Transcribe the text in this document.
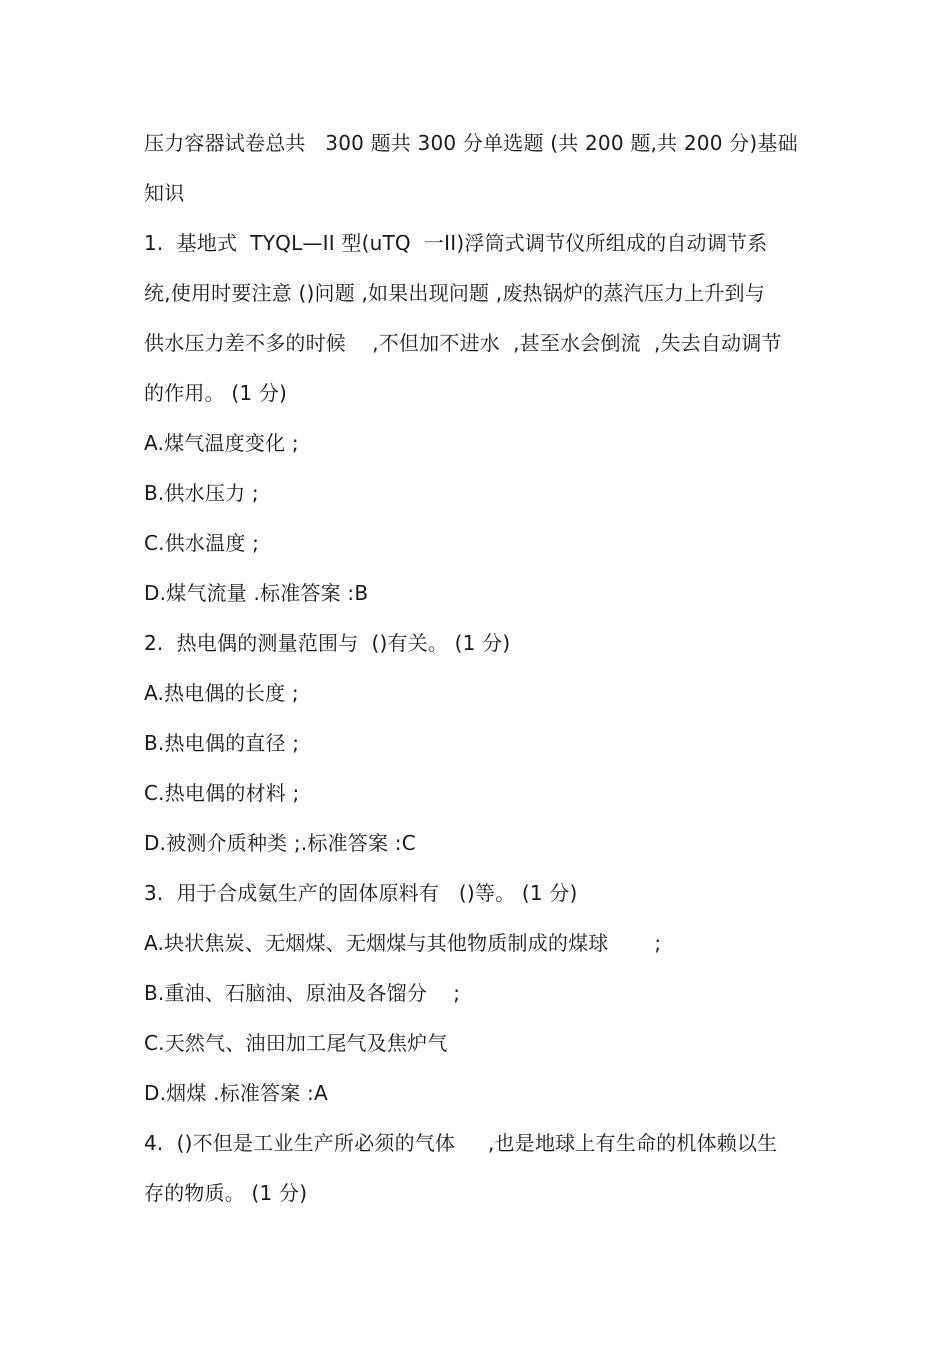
压力容器试卷总共   300 题共 300 分单选题 (共 200 题,共 200 分)基础
知识
1.  基地式  TYQL—II 型(uTQ  一II)浮筒式调节仪所组成的自动调节系
统,使用时要注意 ()问题 ,如果出现问题 ,废热锅炉的蒸汽压力上升到与
供水压力差不多的时候    ,不但加不进水  ,甚至水会倒流  ,失去自动调节
的作用。 (1 分)
A.煤气温度变化 ;
B.供水压力 ;
C.供水温度 ;
D.煤气流量 .标准答案 :B
2.  热电偶的测量范围与  ()有关。 (1 分)
A.热电偶的长度 ;
B.热电偶的直径 ;
C.热电偶的材料 ;
D.被测介质种类 ;.标准答案 :C
3.  用于合成氨生产的固体原料有   ()等。 (1 分)
A.块状焦炭、无烟煤、无烟煤与其他物质制成的煤球       ;
B.重油、石脑油、原油及各馏分    ;
C.天然气、油田加工尾气及焦炉气
D.烟煤 .标准答案 :A
4.  ()不但是工业生产所必须的气体     ,也是地球上有生命的机体赖以生
存的物质。 (1 分)
